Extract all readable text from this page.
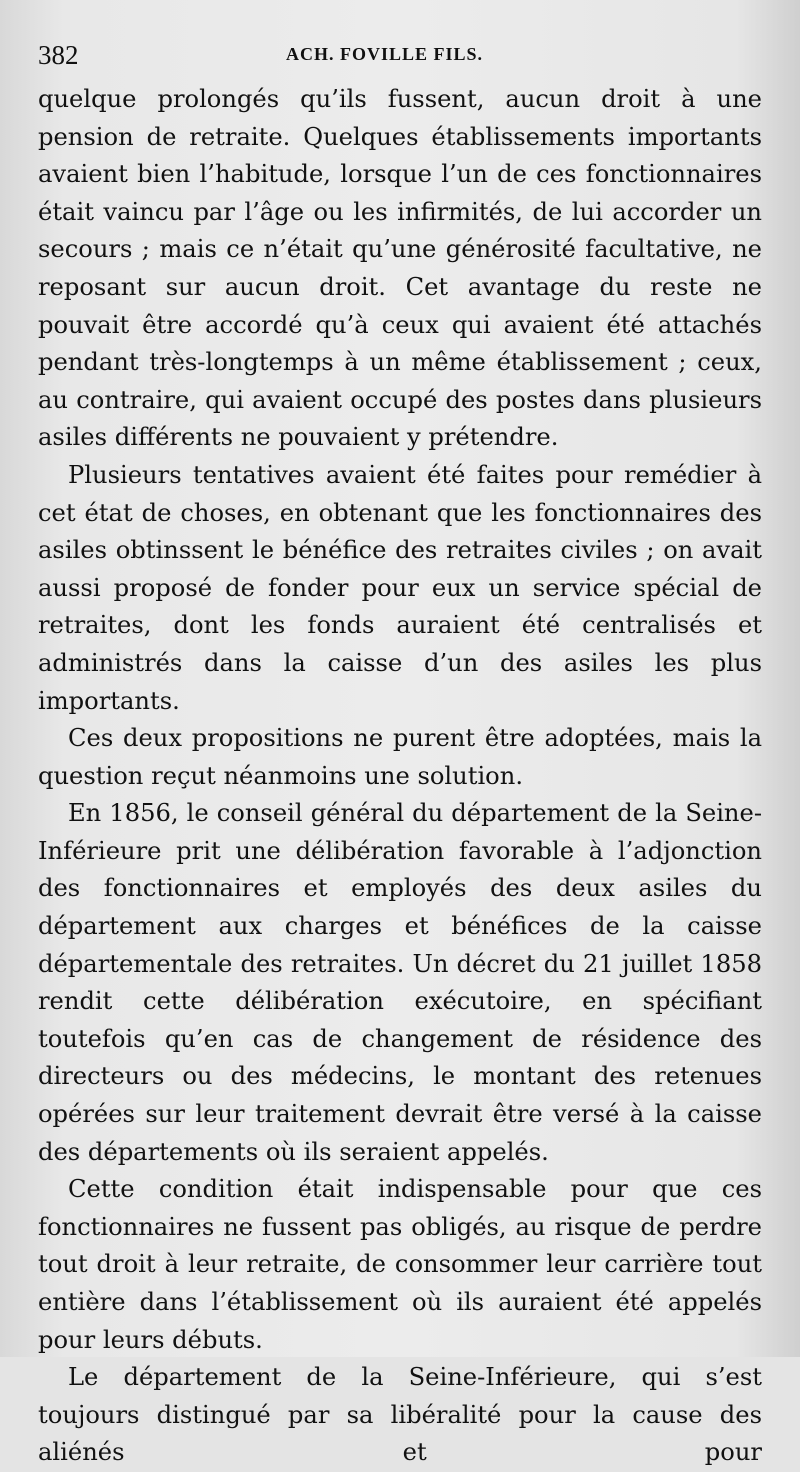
382	ACH. FOVILLE FILS.

quelque prolongés qu’ils fussent, aucun droit à une pension de retraite. Quelques établissements importants avaient bien l’habitude, lorsque l’un de ces fonctionnaires était vaincu par l’âge ou les infirmités, de lui accorder un secours ; mais ce n’était qu’une générosité facultative, ne reposant sur aucun droit. Cet avantage du reste ne pouvait être accordé qu’à ceux qui avaient été attachés pendant très-longtemps à un même établissement ; ceux, au contraire, qui avaient occupé des postes dans plusieurs asiles différents ne pouvaient y prétendre.

Plusieurs tentatives avaient été faites pour remédier à cet état de choses, en obtenant que les fonctionnaires des asiles obtinssent le bénéfice des retraites civiles ; on avait aussi proposé de fonder pour eux un service spécial de retraites, dont les fonds auraient été centralisés et administrés dans la caisse d’un des asiles les plus importants.

Ces deux propositions ne purent être adoptées, mais la question reçut néanmoins une solution.

En 1856, le conseil général du département de la Seine-Inférieure prit une délibération favorable à l’adjonction des fonctionnaires et employés des deux asiles du département aux charges et bénéfices de la caisse départementale des retraites. Un décret du 21 juillet 1858 rendit cette délibération exécutoire, en spécifiant toutefois qu’en cas de changement de résidence des directeurs ou des médecins, le montant des retenues opérées sur leur traitement devrait être versé à la caisse des départements où ils seraient appelés.

Cette condition était indispensable pour que ces fonctionnaires ne fussent pas obligés, au risque de perdre tout droit à leur retraite, de consommer leur carrière tout entière dans l’établissement où ils auraient été appelés pour leurs débuts.

Le département de la Seine-Inférieure, qui s’est toujours distingué par sa libéralité pour la cause des aliénés et pour
